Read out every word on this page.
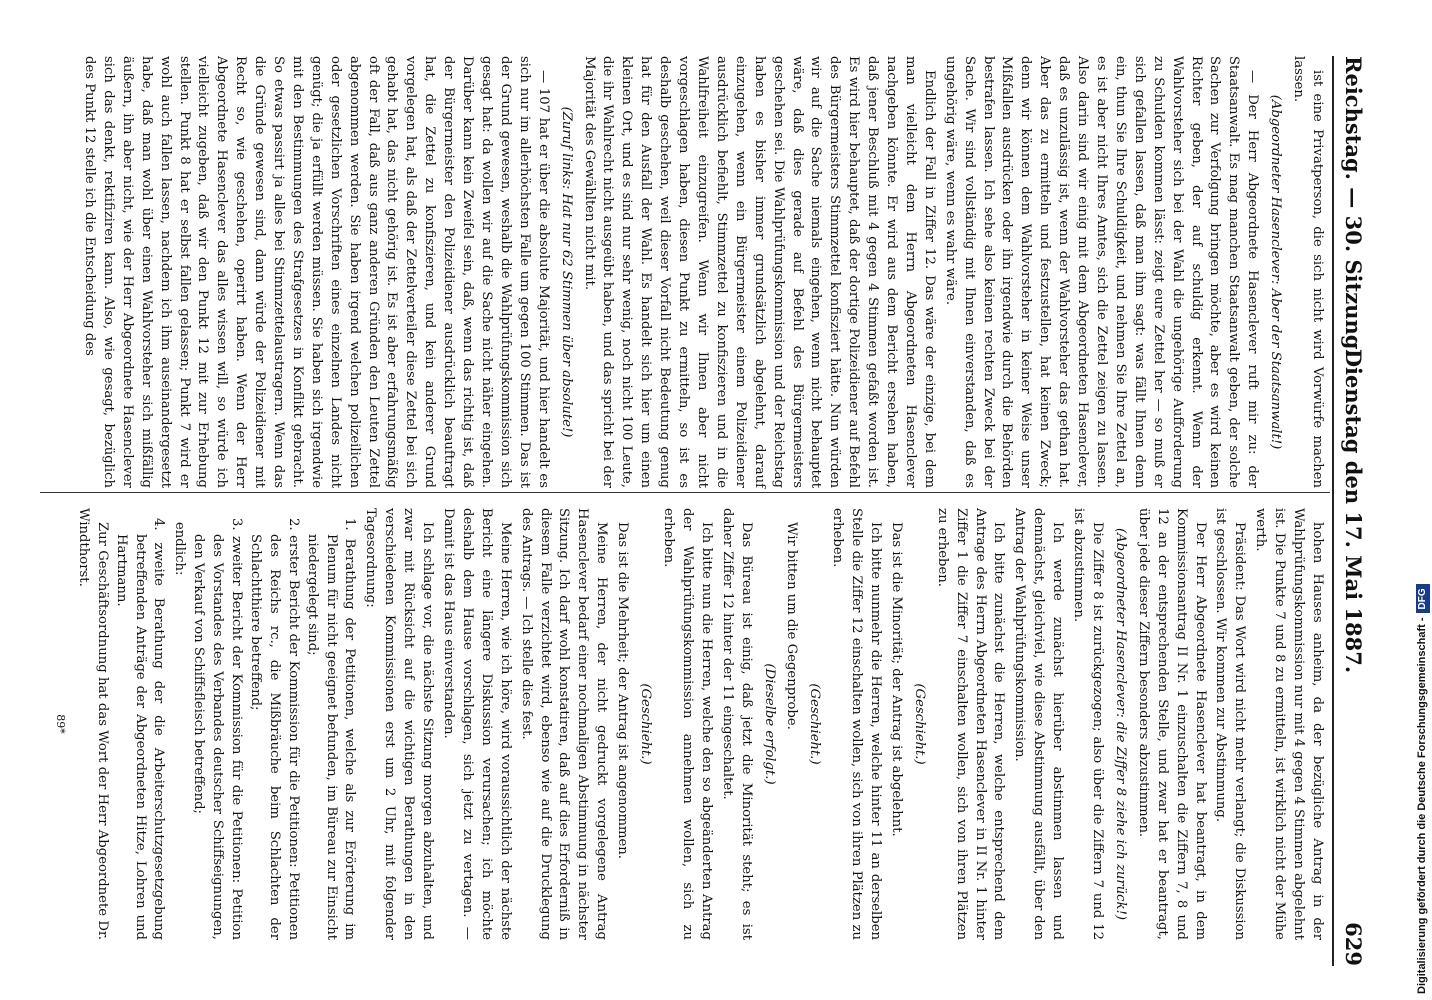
Reichstag. — 30. Sitzung.
Dienstag den 17. Mai 1887.
629

ist eine Privatperson, die sich nicht wird Vorwürfe machen lassen.

(Abgeordneter Hasenclever: Aber der Staatsanwalt!)

— Der Herr Abgeordnete Hasenclever ruft mir zu: der Staatsanwalt. Es mag manchen Staatsanwalt geben, der solche Sachen zur Verfolgung bringen möchte, aber es wird keinen Richter geben, der auf schuldig erkennt. Wenn der Wahlvorsteher sich bei der Wahl die ungehörige Aufforderung zu Schulden kommen lässt: zeigt eure Zettel her — so muß er sich gefallen lassen, daß man ihm sagt: was fällt Ihnen denn ein, thun Sie Ihre Schuldigkeit, und nehmen Sie Ihre Zettel an, es ist aber nicht Ihres Amtes, sich die Zettel zeigen zu lassen. Also darin sind wir einig mit dem Abgeordneten Hasenclever, daß es unzulässig ist, wenn der Wahlvorsteher das gethan hat. Aber das zu ermitteln und festzustellen, hat keinen Zweck; denn wir können dem Wahlvorsteher in keiner Weise unser Mißfallen ausdrücken oder ihn irgendwie durch die Behörden bestrafen lassen. Ich sehe also keinen rechten Zweck bei der Sache. Wir sind vollständig mit Ihnen einverstanden, daß es ungehörig wäre, wenn es wahr wäre.

Endlich der Fall in Ziffer 12. Das wäre der einzige, bei dem man vielleicht dem Herrn Abgeordneten Hasenclever nachgeben könnte. Er wird aus dem Bericht ersehen haben, daß jener Beschluß mit 4 gegen 4 Stimmen gefaßt worden ist. Es wird hier behauptet, daß der dortige Polizeidiener auf Befehl des Bürgermeisters Stimmzettel konfisziert hätte. Nun würden wir auf die Sache niemals eingehen, wenn nicht behauptet wäre, daß dies gerade auf Befehl des Bürgermeisters geschehen sei. Die Wahlprüfungskommission und der Reichstag haben es bisher immer grundsätzlich abgelehnt, darauf einzugehen, wenn ein Bürgermeister einem Polizeidiener ausdrücklich befiehlt, Stimmzettel zu konfiszieren und in die Wahlfreiheit einzugreifen. Wenn wir Ihnen aber nicht vorgeschlagen haben, diesen Punkt zu ermitteln, so ist es deshalb geschehen, weil dieser Vorfall nicht Bedeutung genug hat für den Ausfall der Wahl. Es handelt sich hier um einen kleinen Ort, und es sind nur sehr wenig, noch nicht 100 Leute, die ihr Wahlrecht nicht ausgeübt haben, und das spricht bei der Majorität des Gewählten nicht mit.

(Zuruf links: Hat nur 62 Stimmen über absolute!)

— 107 hat er über die absolute Majorität, und hier handelt es sich nur im allerhöchsten Falle um gegen 100 Stimmen. Das ist der Grund gewesen, weshalb die Wahlprüfungskommission sich gesagt hat: da wollen wir auf die Sache nicht näher eingehen. Darüber kann kein Zweifel sein, daß, wenn das richtig ist, daß der Bürgermeister den Polizeidiener ausdrücklich beauftragt hat, die Zettel zu konfiszieren, und kein anderer Grund vorgelegen hat, als daß der Zettelverteiler diese Zettel bei sich gehabt hat, das nicht gehörig ist. Es ist aber erfahrungsmäßig oft der Fall, daß aus ganz anderen Gründen den Leuten Zettel abgenommen werden. Sie haben irgend welchen polizeilichen oder gesetzlichen Vorschriften eines einzelnen Landes nicht genügt; die ja erfüllt werden müssen. Sie haben sich irgendwie mit den Bestimmungen des Strafgesetzes in Konflikt gebracht. So etwas passirt ja alles bei Stimmzettelaustragern. Wenn das die Gründe gewesen sind, dann würde der Polizeidiener mit Recht so, wie geschehen, operirt haben. Wenn der Herr Abgeordnete Hasenclever das alles wissen will, so würde ich vielleicht zugeben, daß wir den Punkt 12 mit zur Erhebung stellen. Punkt 8 hat er selbst fallen gelassen; Punkt 7 wird er wohl auch fallen lassen, nachdem ich ihm auseinandergesetzt habe, daß man wohl über einen Wahlvorsteher sich mißfällig äußern, ihn aber nicht, wie der Herr Abgeordnete Hasenclever sich das denkt, rektifiziren kann. Also, wie gesagt, bezüglich des Punkt 12 stelle ich die Entscheidung des

hohen Hauses anheim, da der bezügliche Antrag in der Wahlprüfungskommission nur mit 4 gegen 4 Stimmen abgelehnt ist. Die Punkte 7 und 8 zu ermitteln, ist wirklich nicht der Mühe werth.

Präsident: Das Wort wird nicht mehr verlangt; die Diskussion ist geschlossen. Wir kommen zur Abstimmung.

Der Herr Abgeordnete Hasenclever hat beantragt, in dem Kommissionsantrag II Nr. 1 einzuschalten die Ziffern 7, 8 und 12 an der entsprechenden Stelle, und zwar hat er beantragt, über jede dieser Ziffern besonders abzustimmen.

(Abgeordneter Hasenclever: die Ziffer 8 ziehe ich zurück!)

Die Ziffer 8 ist zurückgezogen; also über die Ziffern 7 und 12 ist abzustimmen.

Ich werde zunächst hierüber abstimmen lassen und demnächst, gleichviel, wie diese Abstimmung ausfällt, über den Antrag der Wahlprüfungskommission.

Ich bitte zunächst die Herren, welche entsprechend dem Antrage des Herrn Abgeordneten Hasenclever in II Nr. 1 hinter Ziffer 1 die Ziffer 7 einschalten wollen, sich von ihren Plätzen zu erheben.

(Geschieht.)

Das ist die Minorität; der Antrag ist abgelehnt.

Ich bitte nunmehr die Herren, welche hinter 11 an derselben Stelle die Ziffer 12 einschalten wollen, sich von ihren Plätzen zu erheben.

(Geschieht.)

Wir bitten um die Gegenprobe.

(Dieselbe erfolgt.)

Das Büreau ist einig, daß jetzt die Minorität steht; es ist daher Ziffer 12 hinter der 11 eingeschaltet.

Ich bitte nun die Herren, welche den so abgeänderten Antrag der Wahlprüfungskommission annehmen wollen, sich zu erheben.

(Geschieht.)

Das ist die Mehrheit; der Antrag ist angenommen.

Meine Herren, der nicht gedruckt vorgelegene Antrag Hasenclever bedarf einer nochmaligen Abstimmung in nächster Sitzung. Ich darf wohl konstatiren, daß auf dies Erforderniß in diesem Falle verzichtet wird, ebenso wie auf die Drucklegung des Antrags. — Ich stelle dies fest.

Meine Herren, wie ich höre, wird voraussichtlich der nächste Bericht eine längere Diskussion verursachen; ich möchte deshalb dem Hause vorschlagen, sich jetzt zu vertagen. — Damit ist das Haus einverstanden.

Ich schlage vor, die nächste Sitzung morgen abzuhalten, und zwar mit Rücksicht auf die wichtigen Berathungen in den verschiedenen Kommissionen erst um 2 Uhr, mit folgender Tagesordnung:

1. Berathung der Petitionen, welche als zur Erörterung im Plenum für nicht geeignet befunden, im Büreau zur Einsicht niedergelegt sind;

2. erster Bericht der Kommission für die Petitionen: Petitionen des Reichs rc., die Mißbräuche beim Schlachten der Schlachtthiere betreffend;

3. zweiter Bericht der Kommission für die Petitionen: Petition des Vorstandes des Verbandes deutscher Schiffseignungen, den Verkauf von Schiffsfleisch betreffend;

endlich:

4. zweite Berathung der die Arbeiterschutzgesetzgebung betreffenden Anträge der Abgeordneten Hitze, Lohren und Hartmann.

Zur Geschäftsordnung hat das Wort der Herr Abgeordnete Dr. Windthorst.

89*	Digitalisierung gefördert durch die Deutsche Forschungsgemeinschaft -DFG
